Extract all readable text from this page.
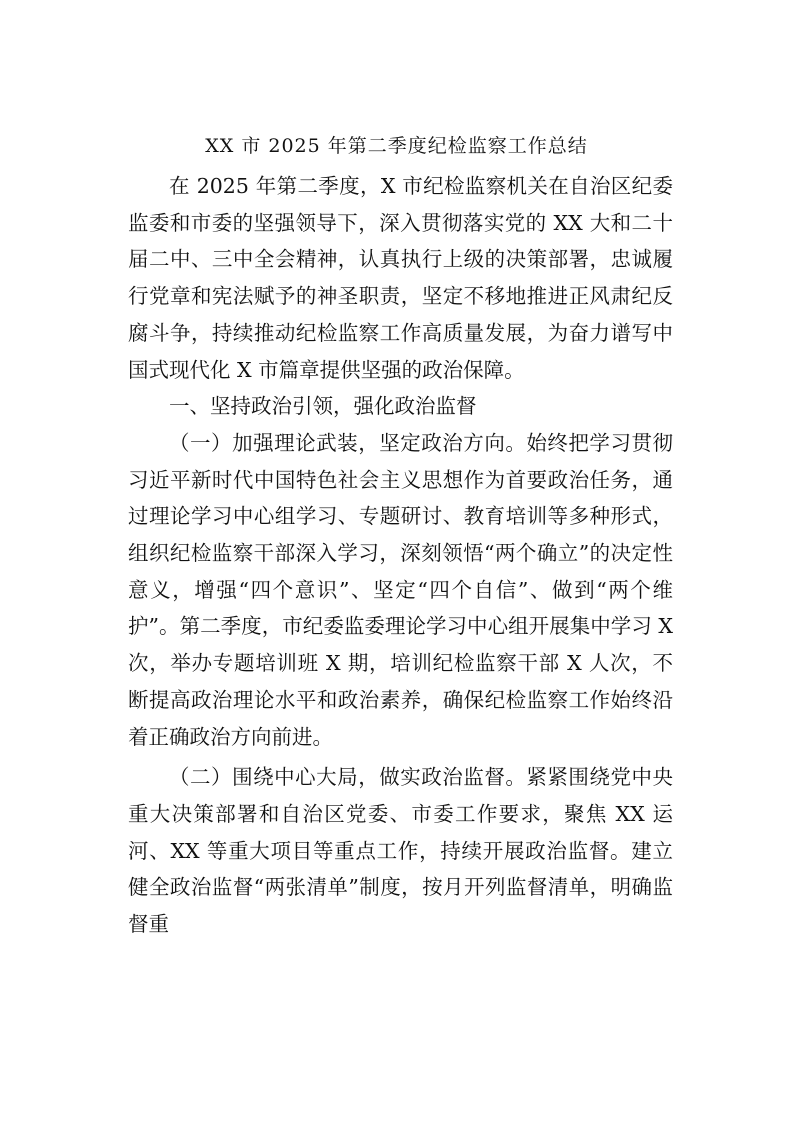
XX 市 2025 年第二季度纪检监察工作总结

在 2025 年第二季度，X 市纪检监察机关在自治区纪委监委和市委的坚强领导下，深入贯彻落实党的 XX 大和二十届二中、三中全会精神，认真执行上级的决策部署，忠诚履行党章和宪法赋予的神圣职责，坚定不移地推进正风肃纪反腐斗争，持续推动纪检监察工作高质量发展，为奋力谱写中国式现代化 X 市篇章提供坚强的政治保障。

一、坚持政治引领，强化政治监督

（一）加强理论武装，坚定政治方向。始终把学习贯彻习近平新时代中国特色社会主义思想作为首要政治任务，通过理论学习中心组学习、专题研讨、教育培训等多种形式，组织纪检监察干部深入学习，深刻领悟“两个确立”的决定性意义，增强“四个意识”、坚定“四个自信”、做到“两个维护”。第二季度，市纪委监委理论学习中心组开展集中学习 X 次，举办专题培训班 X 期，培训纪检监察干部 X 人次，不断提高政治理论水平和政治素养，确保纪检监察工作始终沿着正确政治方向前进。

（二）围绕中心大局，做实政治监督。紧紧围绕党中央重大决策部署和自治区党委、市委工作要求，聚焦 XX 运河、XX 等重大项目等重点工作，持续开展政治监督。建立健全政治监督“两张清单”制度，按月开列监督清单，明确监督重
